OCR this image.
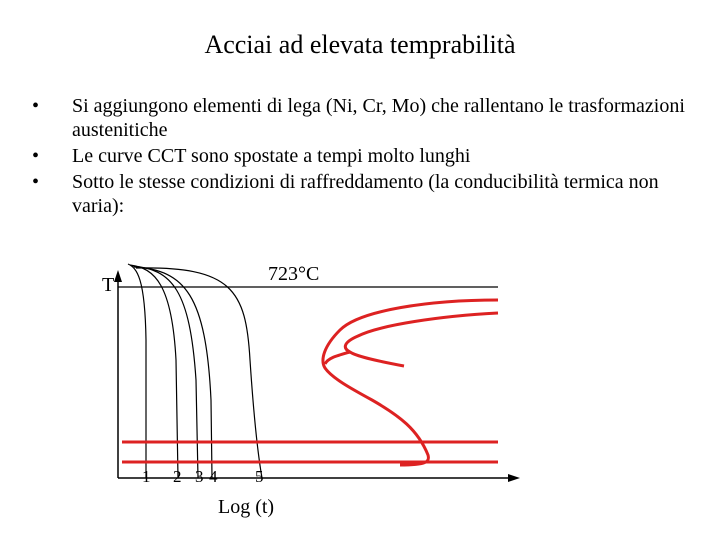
Acciai ad elevata temprabilità
• Si aggiungono elementi di lega (Ni, Cr, Mo) che rallentano le trasformazioni austenitiche
• Le curve CCT sono spostate a tempi molto lunghi
• Sotto le stesse condizioni di raffreddamento (la conducibilità termica non varia):
T	723°C
Log (t)
1 2 3 4 5
